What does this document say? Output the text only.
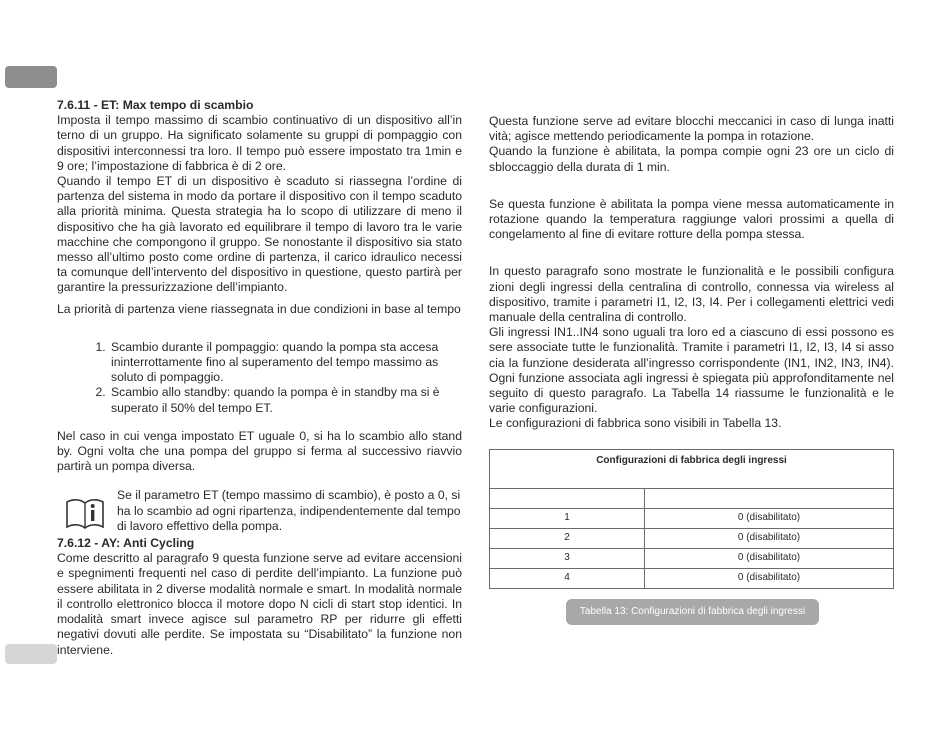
7.6.11 - ET: Max tempo di scambio

Imposta il tempo massimo di scambio continuativo di un dispositivo all’in terno di un gruppo. Ha significato solamente su gruppi di pompaggio con dispositivi interconnessi tra loro. Il tempo può essere impostato tra 1min e 9 ore; l’impostazione di fabbrica è di 2 ore.

Quando il tempo ET di un dispositivo è scaduto si riassegna l’ordine di partenza del sistema in modo da portare il dispositivo con il tempo scaduto alla priorità minima. Questa strategia ha lo scopo di utilizzare di meno il dispositivo che ha già lavorato ed equilibrare il tempo di lavoro tra le varie macchine che compongono il gruppo. Se nonostante il dispositivo sia stato messo all’ultimo posto come ordine di partenza, il carico idraulico necessi ta comunque dell’intervento del dispositivo in questione, questo partirà per garantire la pressurizzazione dell’impianto.

La priorità di partenza viene riassegnata in due condizioni in base al tempo

1. Scambio durante il pompaggio: quando la pompa sta accesa ininterrottamente fino al superamento del tempo massimo as soluto di pompaggio.
2. Scambio allo standby: quando la pompa è in standby ma si è superato il 50% del tempo ET.

Nel caso in cui venga impostato ET uguale 0, si ha lo scambio allo stand by. Ogni volta che una pompa del gruppo si ferma al successivo riavvio partirà un pompa diversa.

Se il parametro ET (tempo massimo di scambio), è posto a 0, si ha lo scambio ad ogni ripartenza, indipendentemente dal tempo di lavoro effettivo della pompa.

7.6.12 - AY: Anti Cycling

Come descritto al paragrafo 9 questa funzione serve ad evitare accensioni e spegnimenti frequenti nel caso di perdite dell’impianto. La funzione può essere abilitata in 2 diverse modalità normale e smart. In modalità normale il controllo elettronico blocca il motore dopo N cicli di start stop identici. In modalità smart invece agisce sul parametro RP per ridurre gli effetti negativi dovuti alle perdite. Se impostata su “Disabilitato” la funzione non interviene.

Questa funzione serve ad evitare blocchi meccanici in caso di lunga inatti vità; agisce mettendo periodicamente la pompa in rotazione.

Quando la funzione è abilitata, la pompa compie ogni 23 ore un ciclo di sbloccaggio della durata di 1 min.

Se questa funzione è abilitata la pompa viene messa automaticamente in rotazione quando la temperatura raggiunge valori prossimi a quella di congelamento al fine di evitare rotture della pompa stessa.

In questo paragrafo sono mostrate le funzionalità e le possibili configura zioni degli ingressi della centralina di controllo, connessa via wireless al dispositivo, tramite i parametri I1, I2, I3, I4. Per i collegamenti elettrici vedi manuale della centralina di controllo.

Gli ingressi IN1..IN4 sono uguali tra loro ed a ciascuno di essi possono es sere associate tutte le funzionalità. Tramite i parametri I1, I2, I3, I4 si asso cia la funzione desiderata all’ingresso corrispondente (IN1, IN2, IN3, IN4). Ogni funzione associata agli ingressi è spiegata più approfonditamente nel seguito di questo paragrafo. La Tabella 14 riassume le funzionalità e le varie configurazioni.

Le configurazioni di fabbrica sono visibili in Tabella 13.

Configurazioni di fabbrica degli ingressi	

1	0 (disabilitato)
2	0 (disabilitato)
3	0 (disabilitato)
4	0 (disabilitato)
Tabella 13: Configurazioni di fabbrica degli ingressi
